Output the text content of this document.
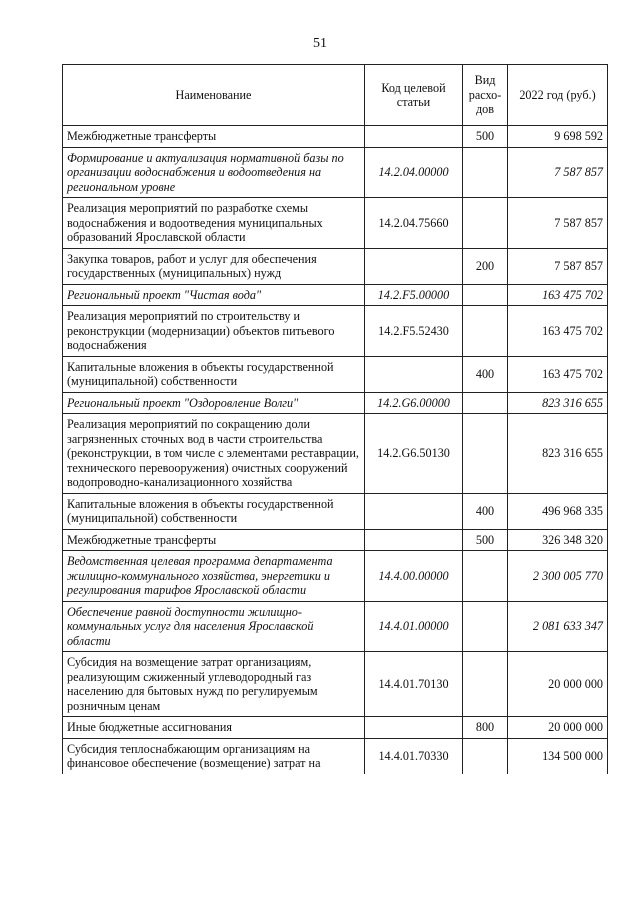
51
Наименование	Код целевой статьи	Вид расхо-дов	2022 год (руб.)
Межбюджетные трансферты		500	9 698 592
Формирование и актуализация нормативной базы по организации водоснабжения и водоотведения на региональном уровне	14.2.04.00000		7 587 857
Реализация мероприятий по разработке схемы водоснабжения и водоотведения муниципальных образований Ярославской области	14.2.04.75660		7 587 857
Закупка товаров, работ и услуг для обеспечения государственных (муниципальных) нужд		200	7 587 857
Региональный проект "Чистая вода"	14.2.F5.00000		163 475 702
Реализация мероприятий по строительству и реконструкции (модернизации) объектов питьевого водоснабжения	14.2.F5.52430		163 475 702
Капитальные вложения в объекты государственной (муниципальной) собственности		400	163 475 702
Региональный проект "Оздоровление Волги"	14.2.G6.00000		823 316 655
Реализация мероприятий по сокращению доли загрязненных сточных вод в части строительства (реконструкции, в том числе с элементами реставрации, технического перевооружения) очистных сооружений водопроводно-канализационного хозяйства	14.2.G6.50130		823 316 655
Капитальные вложения в объекты государственной (муниципальной) собственности		400	496 968 335
Межбюджетные трансферты		500	326 348 320
Ведомственная целевая программа департамента жилищно-коммунального хозяйства, энергетики и регулирования тарифов Ярославской области	14.4.00.00000		2 300 005 770
Обеспечение равной доступности жилищно-коммунальных услуг для населения Ярославской области	14.4.01.00000		2 081 633 347
Субсидия на возмещение затрат организациям, реализующим сжиженный углеводородный газ населению для бытовых нужд по регулируемым розничным ценам	14.4.01.70130		20 000 000
Иные бюджетные ассигнования		800	20 000 000
Субсидия теплоснабжающим организациям на финансовое обеспечение (возмещение) затрат на	14.4.01.70330		134 500 000
